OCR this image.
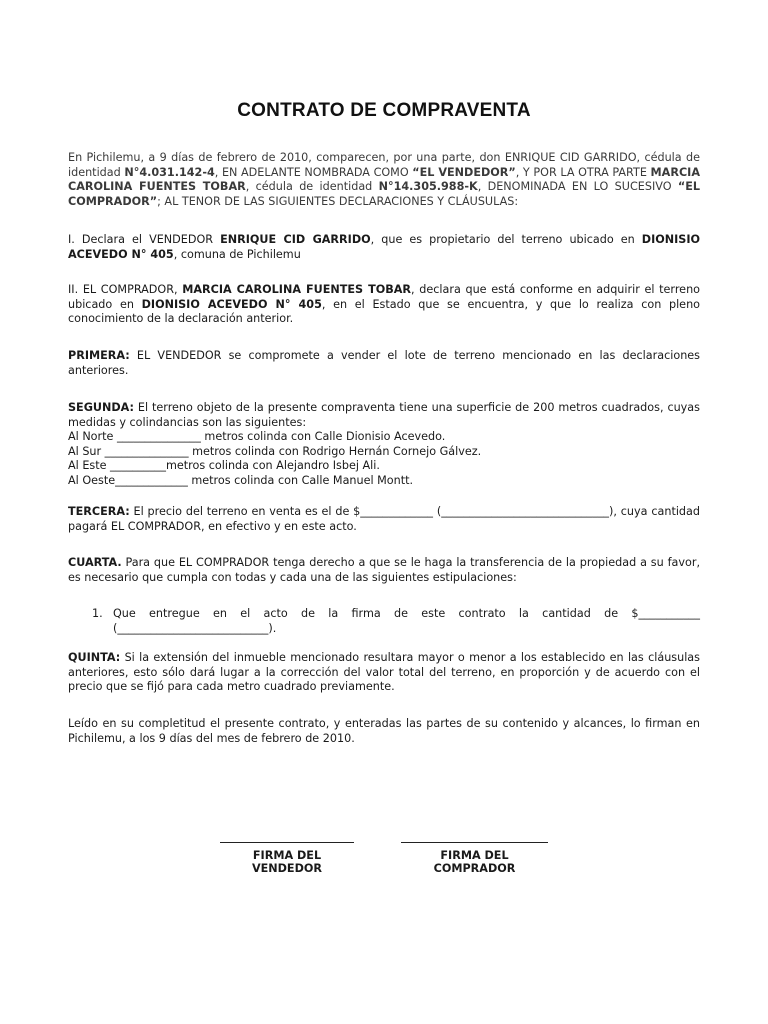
CONTRATO DE COMPRAVENTA

En Pichilemu, a 9 días de febrero de 2010, comparecen, por una parte, don ENRIQUE CID GARRIDO, cédula de identidad N°4.031.142-4, EN ADELANTE NOMBRADA COMO “EL VENDEDOR”, Y POR LA OTRA PARTE MARCIA CAROLINA FUENTES TOBAR, cédula de identidad N°14.305.988-K, DENOMINADA EN LO SUCESIVO “EL COMPRADOR”; AL TENOR DE LAS SIGUIENTES DECLARACIONES Y CLÁUSULAS:

I. Declara el VENDEDOR ENRIQUE CID GARRIDO, que es propietario del terreno ubicado en DIONISIO ACEVEDO N° 405, comuna de Pichilemu

II. EL COMPRADOR, MARCIA CAROLINA FUENTES TOBAR, declara que está conforme en adquirir el terreno ubicado en DIONISIO ACEVEDO N° 405, en el Estado que se encuentra, y que lo realiza con pleno conocimiento de la declaración anterior.

PRIMERA: EL VENDEDOR se compromete a vender el lote de terreno mencionado en las declaraciones anteriores.

SEGUNDA: El terreno objeto de la presente compraventa tiene una superficie de 200 metros cuadrados, cuyas medidas y colindancias son las siguientes:
Al Norte _______________ metros colinda con Calle Dionisio Acevedo.
Al Sur _______________ metros colinda con Rodrigo Hernán Cornejo Gálvez.
Al Este __________metros colinda con Alejandro Isbej Ali.
Al Oeste_____________ metros colinda con Calle Manuel Montt.

TERCERA: El precio del terreno en venta es el de $_____________ (______________________________), cuya cantidad pagará EL COMPRADOR, en efectivo y en este acto.

CUARTA. Para que EL COMPRADOR tenga derecho a que se le haga la transferencia de la propiedad a su favor, es necesario que cumpla con todas y cada una de las siguientes estipulaciones:

1. Que entregue en el acto de la firma de este contrato la cantidad de $___________ (___________________________).

QUINTA: Si la extensión del inmueble mencionado resultara mayor o menor a los establecido en las cláusulas anteriores, esto sólo dará lugar a la corrección del valor total del terreno, en proporción y de acuerdo con el precio que se fijó para cada metro cuadrado previamente.

Leído en su completitud el presente contrato, y enteradas las partes de su contenido y alcances, lo firman en Pichilemu, a los 9 días del mes de febrero de 2010.

FIRMA DEL VENDEDOR
FIRMA DEL COMPRADOR
